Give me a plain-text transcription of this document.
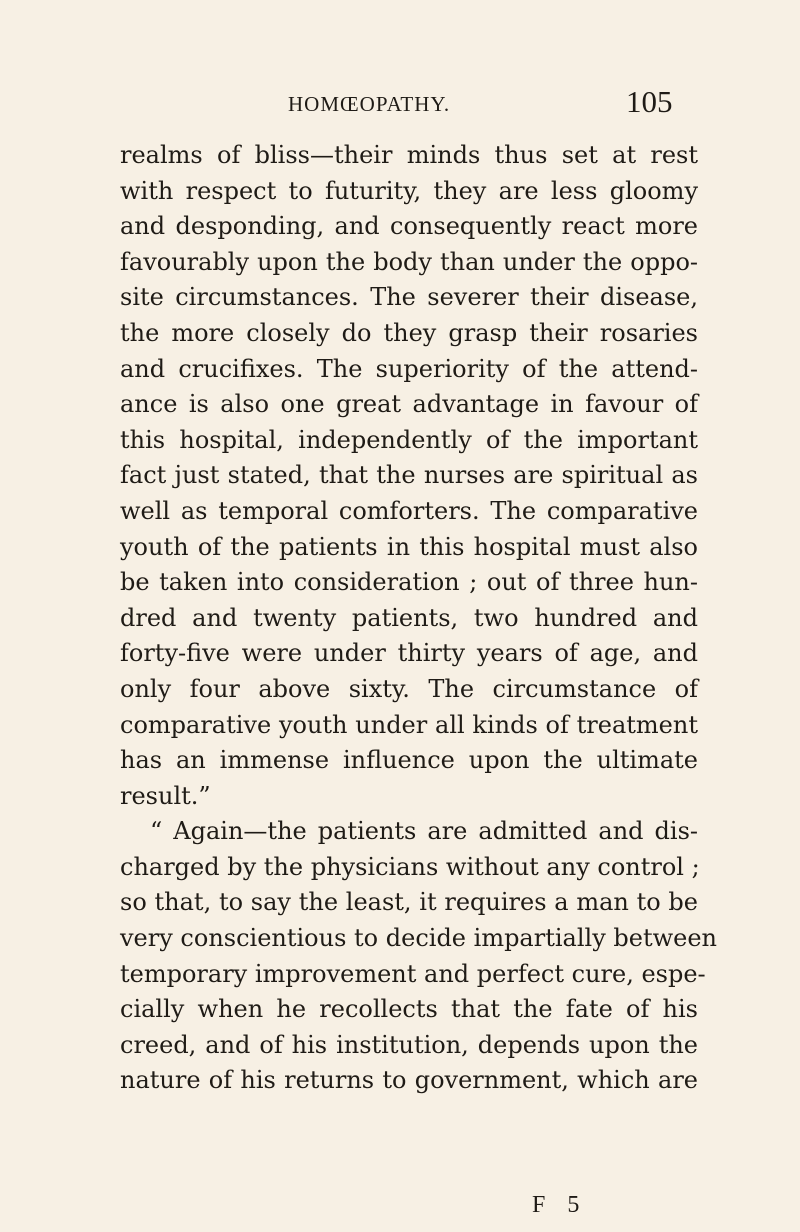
HOMŒOPATHY.	105
realms of bliss—their minds thus set at rest
with respect to futurity, they are less gloomy
and desponding, and consequently react more
favourably upon the body than under the oppo-
site circumstances. The severer their disease,
the more closely do they grasp their rosaries
and crucifixes. The superiority of the attend-
ance is also one great advantage in favour of
this hospital, independently of the important
fact just stated, that the nurses are spiritual as
well as temporal comforters. The comparative
youth of the patients in this hospital must also
be taken into consideration ; out of three hun-
dred and twenty patients, two hundred and
forty-five were under thirty years of age, and
only four above sixty. The circumstance of
comparative youth under all kinds of treatment
has an immense influence upon the ultimate
result.”
“ Again—the patients are admitted and dis-
charged by the physicians without any control ;
so that, to say the least, it requires a man to be
very conscientious to decide impartially between
temporary improvement and perfect cure, espe-
cially when he recollects that the fate of his
creed, and of his institution, depends upon the
nature of his returns to government, which are
F 5
